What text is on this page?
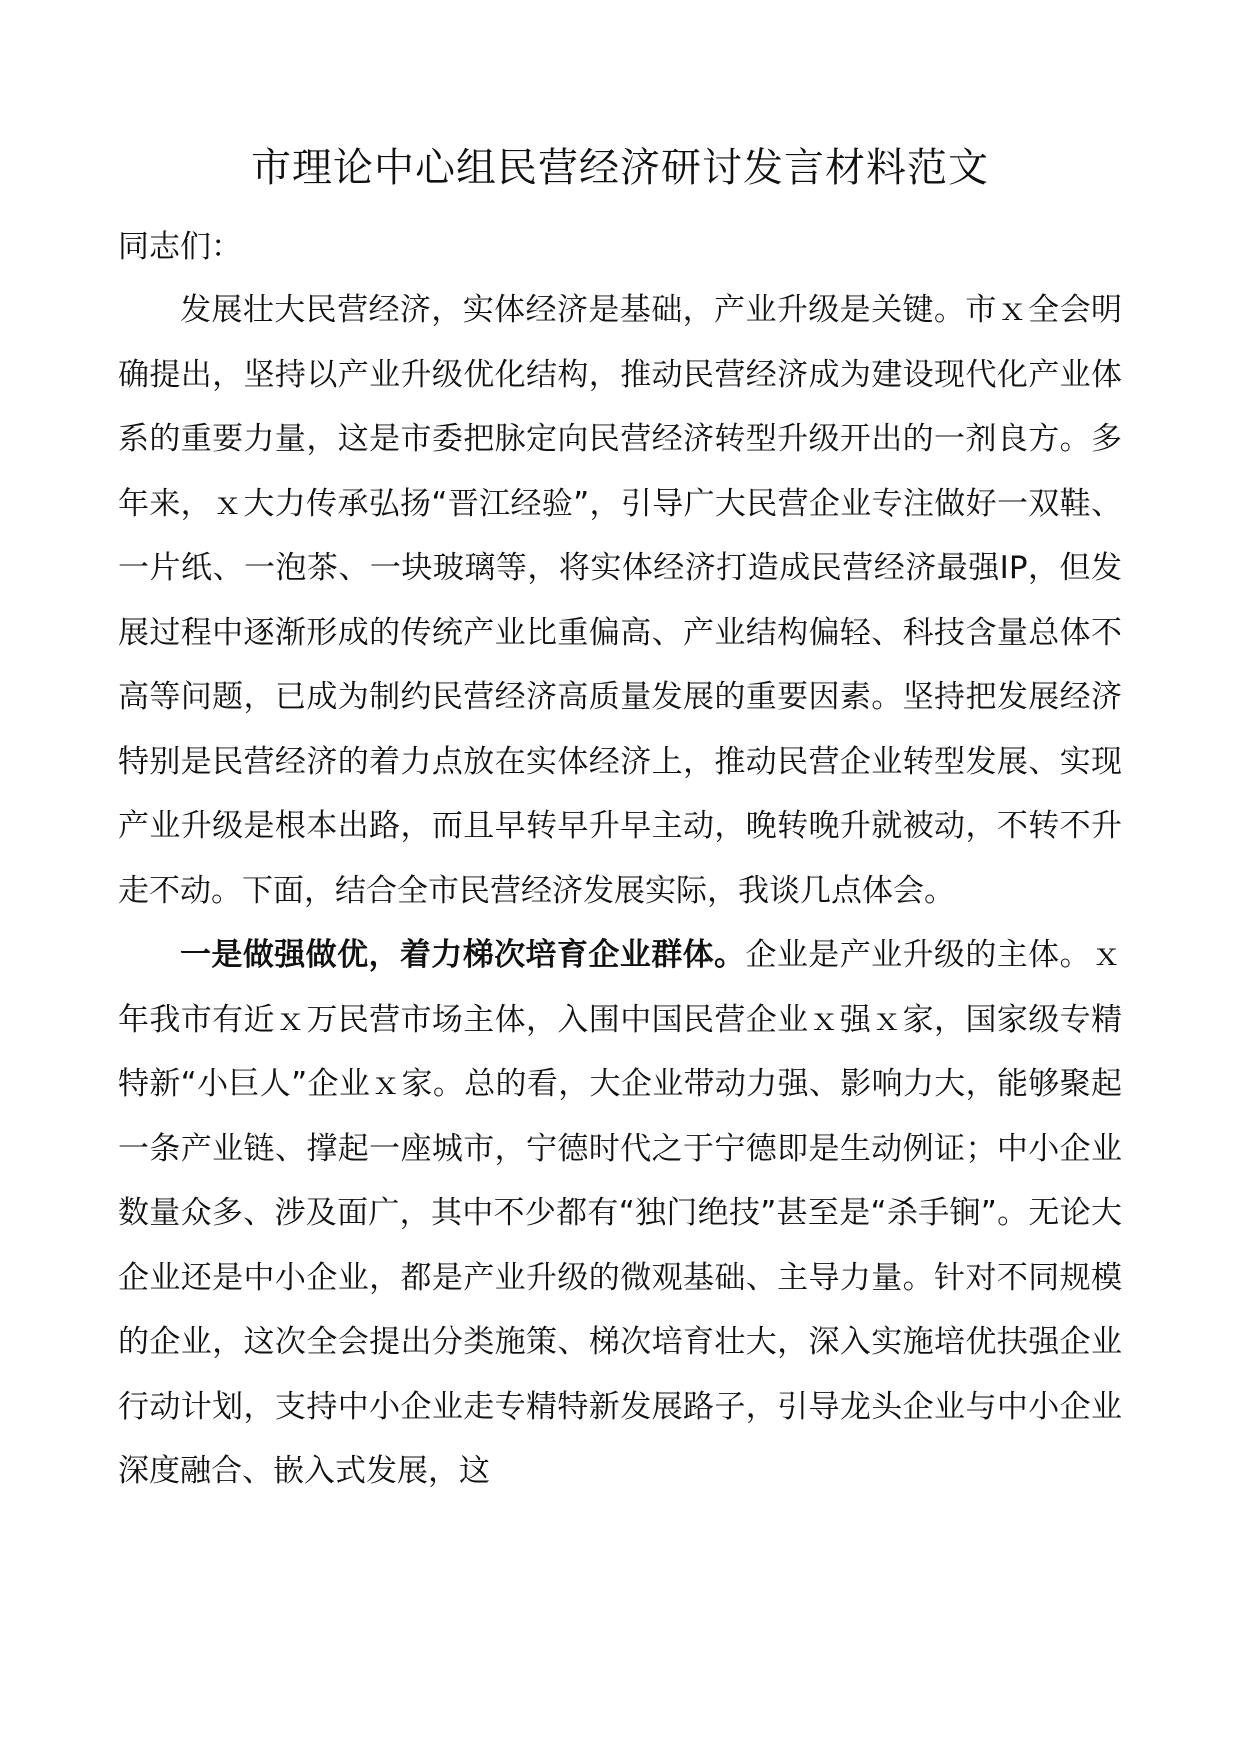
市理论中心组民营经济研讨发言材料范文

同志们：

发展壮大民营经济，实体经济是基础，产业升级是关键。市ｘ全会明确提出，坚持以产业升级优化结构，推动民营经济成为建设现代化产业体系的重要力量，这是市委把脉定向民营经济转型升级开出的一剂良方。多年来，ｘ大力传承弘扬“晋江经验”，引导广大民营企业专注做好一双鞋、一片纸、一泡茶、一块玻璃等，将实体经济打造成民营经济最强IP，但发展过程中逐渐形成的传统产业比重偏高、产业结构偏轻、科技含量总体不高等问题，已成为制约民营经济高质量发展的重要因素。坚持把发展经济特别是民营经济的着力点放在实体经济上，推动民营企业转型发展、实现产业升级是根本出路，而且早转早升早主动，晚转晚升就被动，不转不升走不动。下面，结合全市民营经济发展实际，我谈几点体会。

一是做强做优，着力梯次培育企业群体。企业是产业升级的主体。ｘ年我市有近ｘ万民营市场主体，入围中国民营企业ｘ强ｘ家，国家级专精特新“小巨人”企业ｘ家。总的看，大企业带动力强、影响力大，能够聚起一条产业链、撑起一座城市，宁德时代之于宁德即是生动例证；中小企业数量众多、涉及面广，其中不少都有“独门绝技”甚至是“杀手锏”。无论大企业还是中小企业，都是产业升级的微观基础、主导力量。针对不同规模的企业，这次全会提出分类施策、梯次培育壮大，深入实施培优扶强企业行动计划，支持中小企业走专精特新发展路子，引导龙头企业与中小企业深度融合、嵌入式发展，这
